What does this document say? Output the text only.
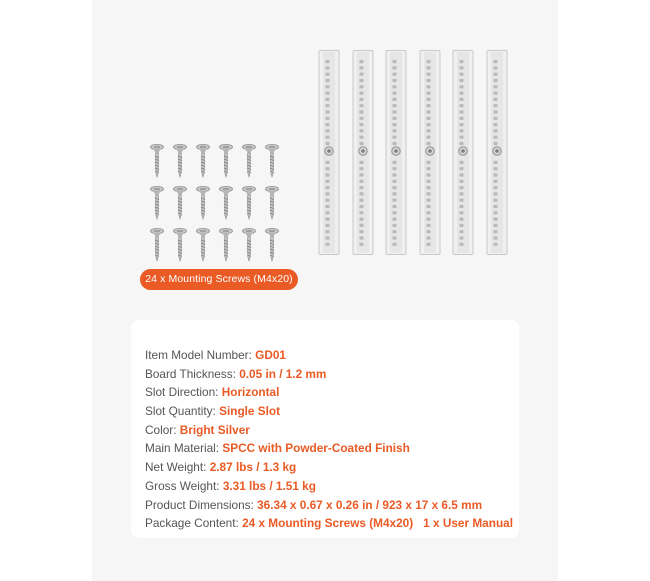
24 x Mounting Screws (M4x20)
Item Model Number: GD01
Board Thickness: 0.05 in / 1.2 mm
Slot Direction: Horizontal
Slot Quantity: Single Slot
Color: Bright Silver
Main Material: SPCC with Powder-Coated Finish
Net Weight: 2.87 lbs / 1.3 kg
Gross Weight: 3.31 lbs / 1.51 kg
Product Dimensions: 36.34 x 0.67 x 0.26 in / 923 x 17 x 6.5 mm
Package Content: 24 x Mounting Screws (M4x20) 1 x User Manual
